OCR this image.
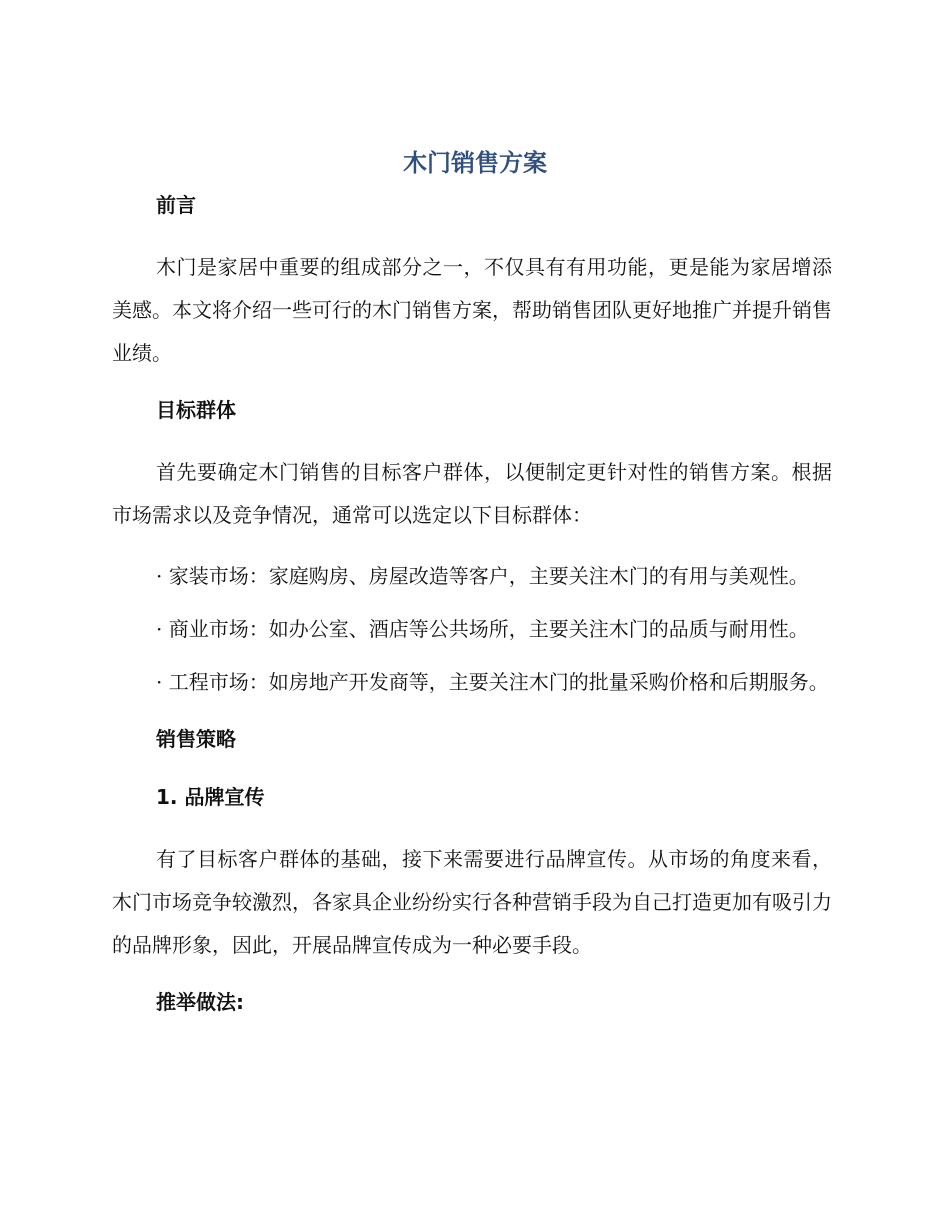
木门销售方案

前言

木门是家居中重要的组成部分之一，不仅具有有用功能，更是能为家居增添美感。本文将介绍一些可行的木门销售方案，帮助销售团队更好地推广并提升销售业绩。

目标群体

首先要确定木门销售的目标客户群体，以便制定更针对性的销售方案。根据市场需求以及竞争情况，通常可以选定以下目标群体：

· 家装市场：家庭购房、房屋改造等客户，主要关注木门的有用与美观性。

· 商业市场：如办公室、酒店等公共场所，主要关注木门的品质与耐用性。

· 工程市场：如房地产开发商等，主要关注木门的批量采购价格和后期服务。

销售策略

1. 品牌宣传

有了目标客户群体的基础，接下来需要进行品牌宣传。从市场的角度来看，木门市场竞争较激烈，各家具企业纷纷实行各种营销手段为自己打造更加有吸引力的品牌形象，因此，开展品牌宣传成为一种必要手段。

推举做法:
